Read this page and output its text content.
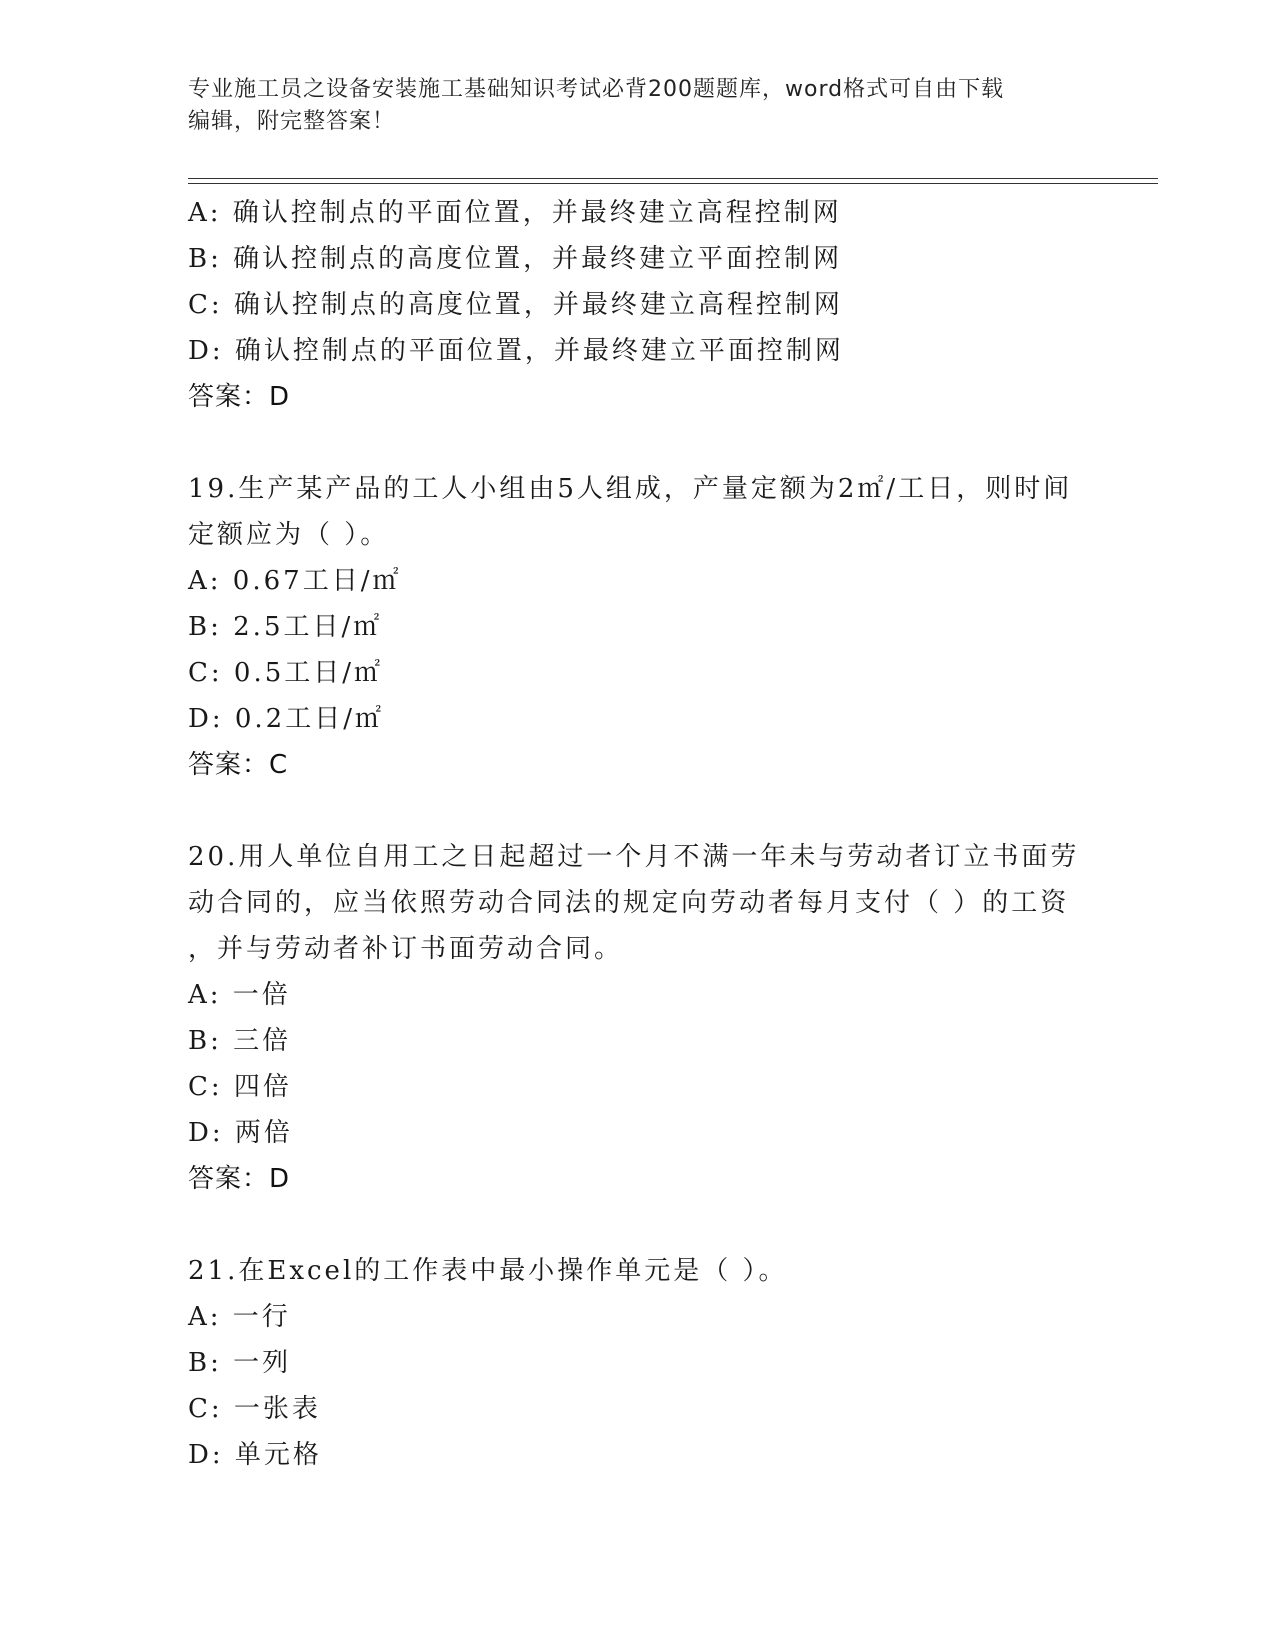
专业施工员之设备安装施工基础知识考试必背200题题库，word格式可自由下载
编辑，附完整答案！
A: 确认控制点的平面位置，并最终建立高程控制网
B: 确认控制点的高度位置，并最终建立平面控制网
C: 确认控制点的高度位置，并最终建立高程控制网
D: 确认控制点的平面位置，并最终建立平面控制网
答案：D
19.生产某产品的工人小组由5人组成，产量定额为2㎡/工日，则时间
定额应为（ ）。
A: 0.67工日/㎡
B: 2.5工日/㎡
C: 0.5工日/㎡
D: 0.2工日/㎡
答案：C
20.用人单位自用工之日起超过一个月不满一年未与劳动者订立书面劳
动合同的，应当依照劳动合同法的规定向劳动者每月支付（ ）的工资
，并与劳动者补订书面劳动合同。
A: 一倍
B: 三倍
C: 四倍
D: 两倍
答案：D
21.在Excel的工作表中最小操作单元是（ ）。
A: 一行
B: 一列
C: 一张表
D: 单元格
